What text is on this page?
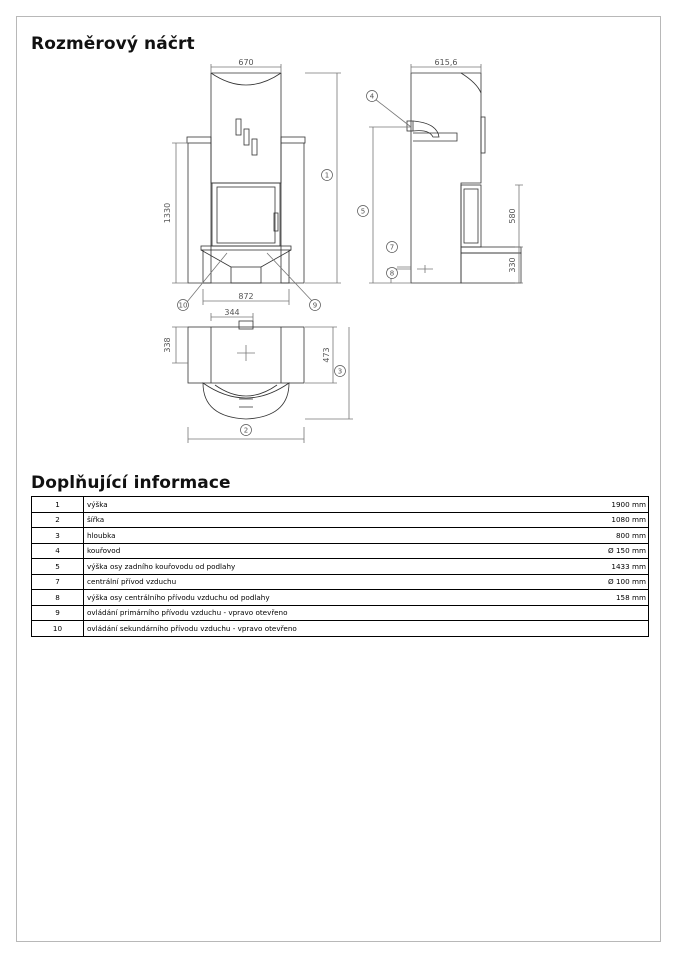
Rozměrový náčrt
670	615,6
1330
872
580
330
344
338
473
1
2
3
4
5
7
8
9
10
Doplňující informace
1	výška	1900 mm
2	šířka	1080 mm
3	hloubka	800 mm
4	kouřovod	Ø 150 mm
5	výška osy zadního kouřovodu od podlahy	1433 mm
7	centrální přívod vzduchu	Ø 100 mm
8	výška osy centrálního přívodu vzduchu od podlahy	158 mm
9	ovládání primárního přívodu vzduchu - vpravo otevřeno	
10	ovládání sekundárního přívodu vzduchu - vpravo otevřeno	
